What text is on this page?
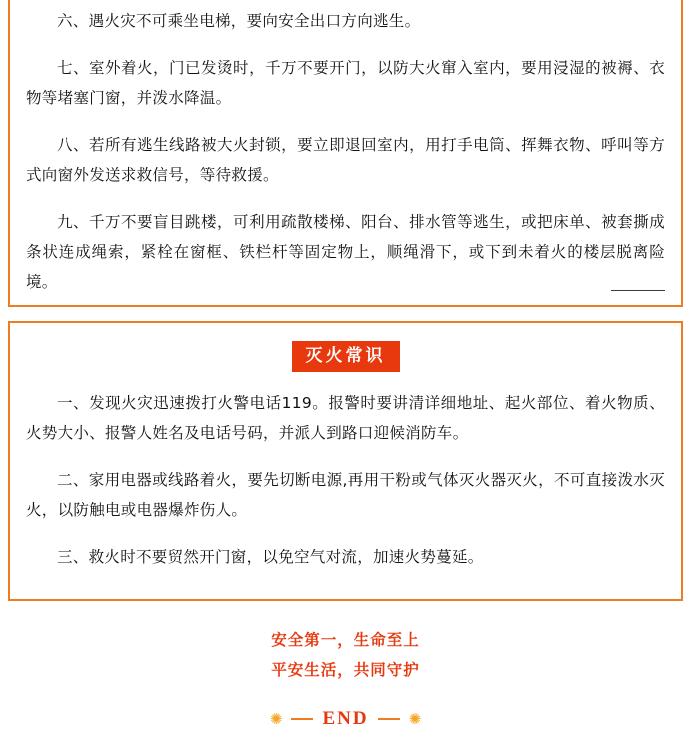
六、遇火灾不可乘坐电梯，要向安全出口方向逃生。

七、室外着火，门已发烫时，千万不要开门，以防大火窜入室内，要用浸湿的被褥、衣物等堵塞门窗，并泼水降温。

八、若所有逃生线路被大火封锁，要立即退回室内，用打手电筒、挥舞衣物、呼叫等方式向窗外发送求救信号，等待救援。

九、千万不要盲目跳楼，可利用疏散楼梯、阳台、排水管等逃生，或把床单、被套撕成条状连成绳索，紧栓在窗框、铁栏杆等固定物上，顺绳滑下，或下到未着火的楼层脱离险境。

灭火常识

一、发现火灾迅速拨打火警电话119。报警时要讲清详细地址、起火部位、着火物质、火势大小、报警人姓名及电话号码，并派人到路口迎候消防车。

二、家用电器或线路着火，要先切断电源,再用干粉或气体灭火器灭火，不可直接泼水灭火，以防触电或电器爆炸伤人。

三、救火时不要贸然开门窗，以免空气对流，加速火势蔓延。

安全第一，生命至上
平安生活，共同守护
✺ END	✺
